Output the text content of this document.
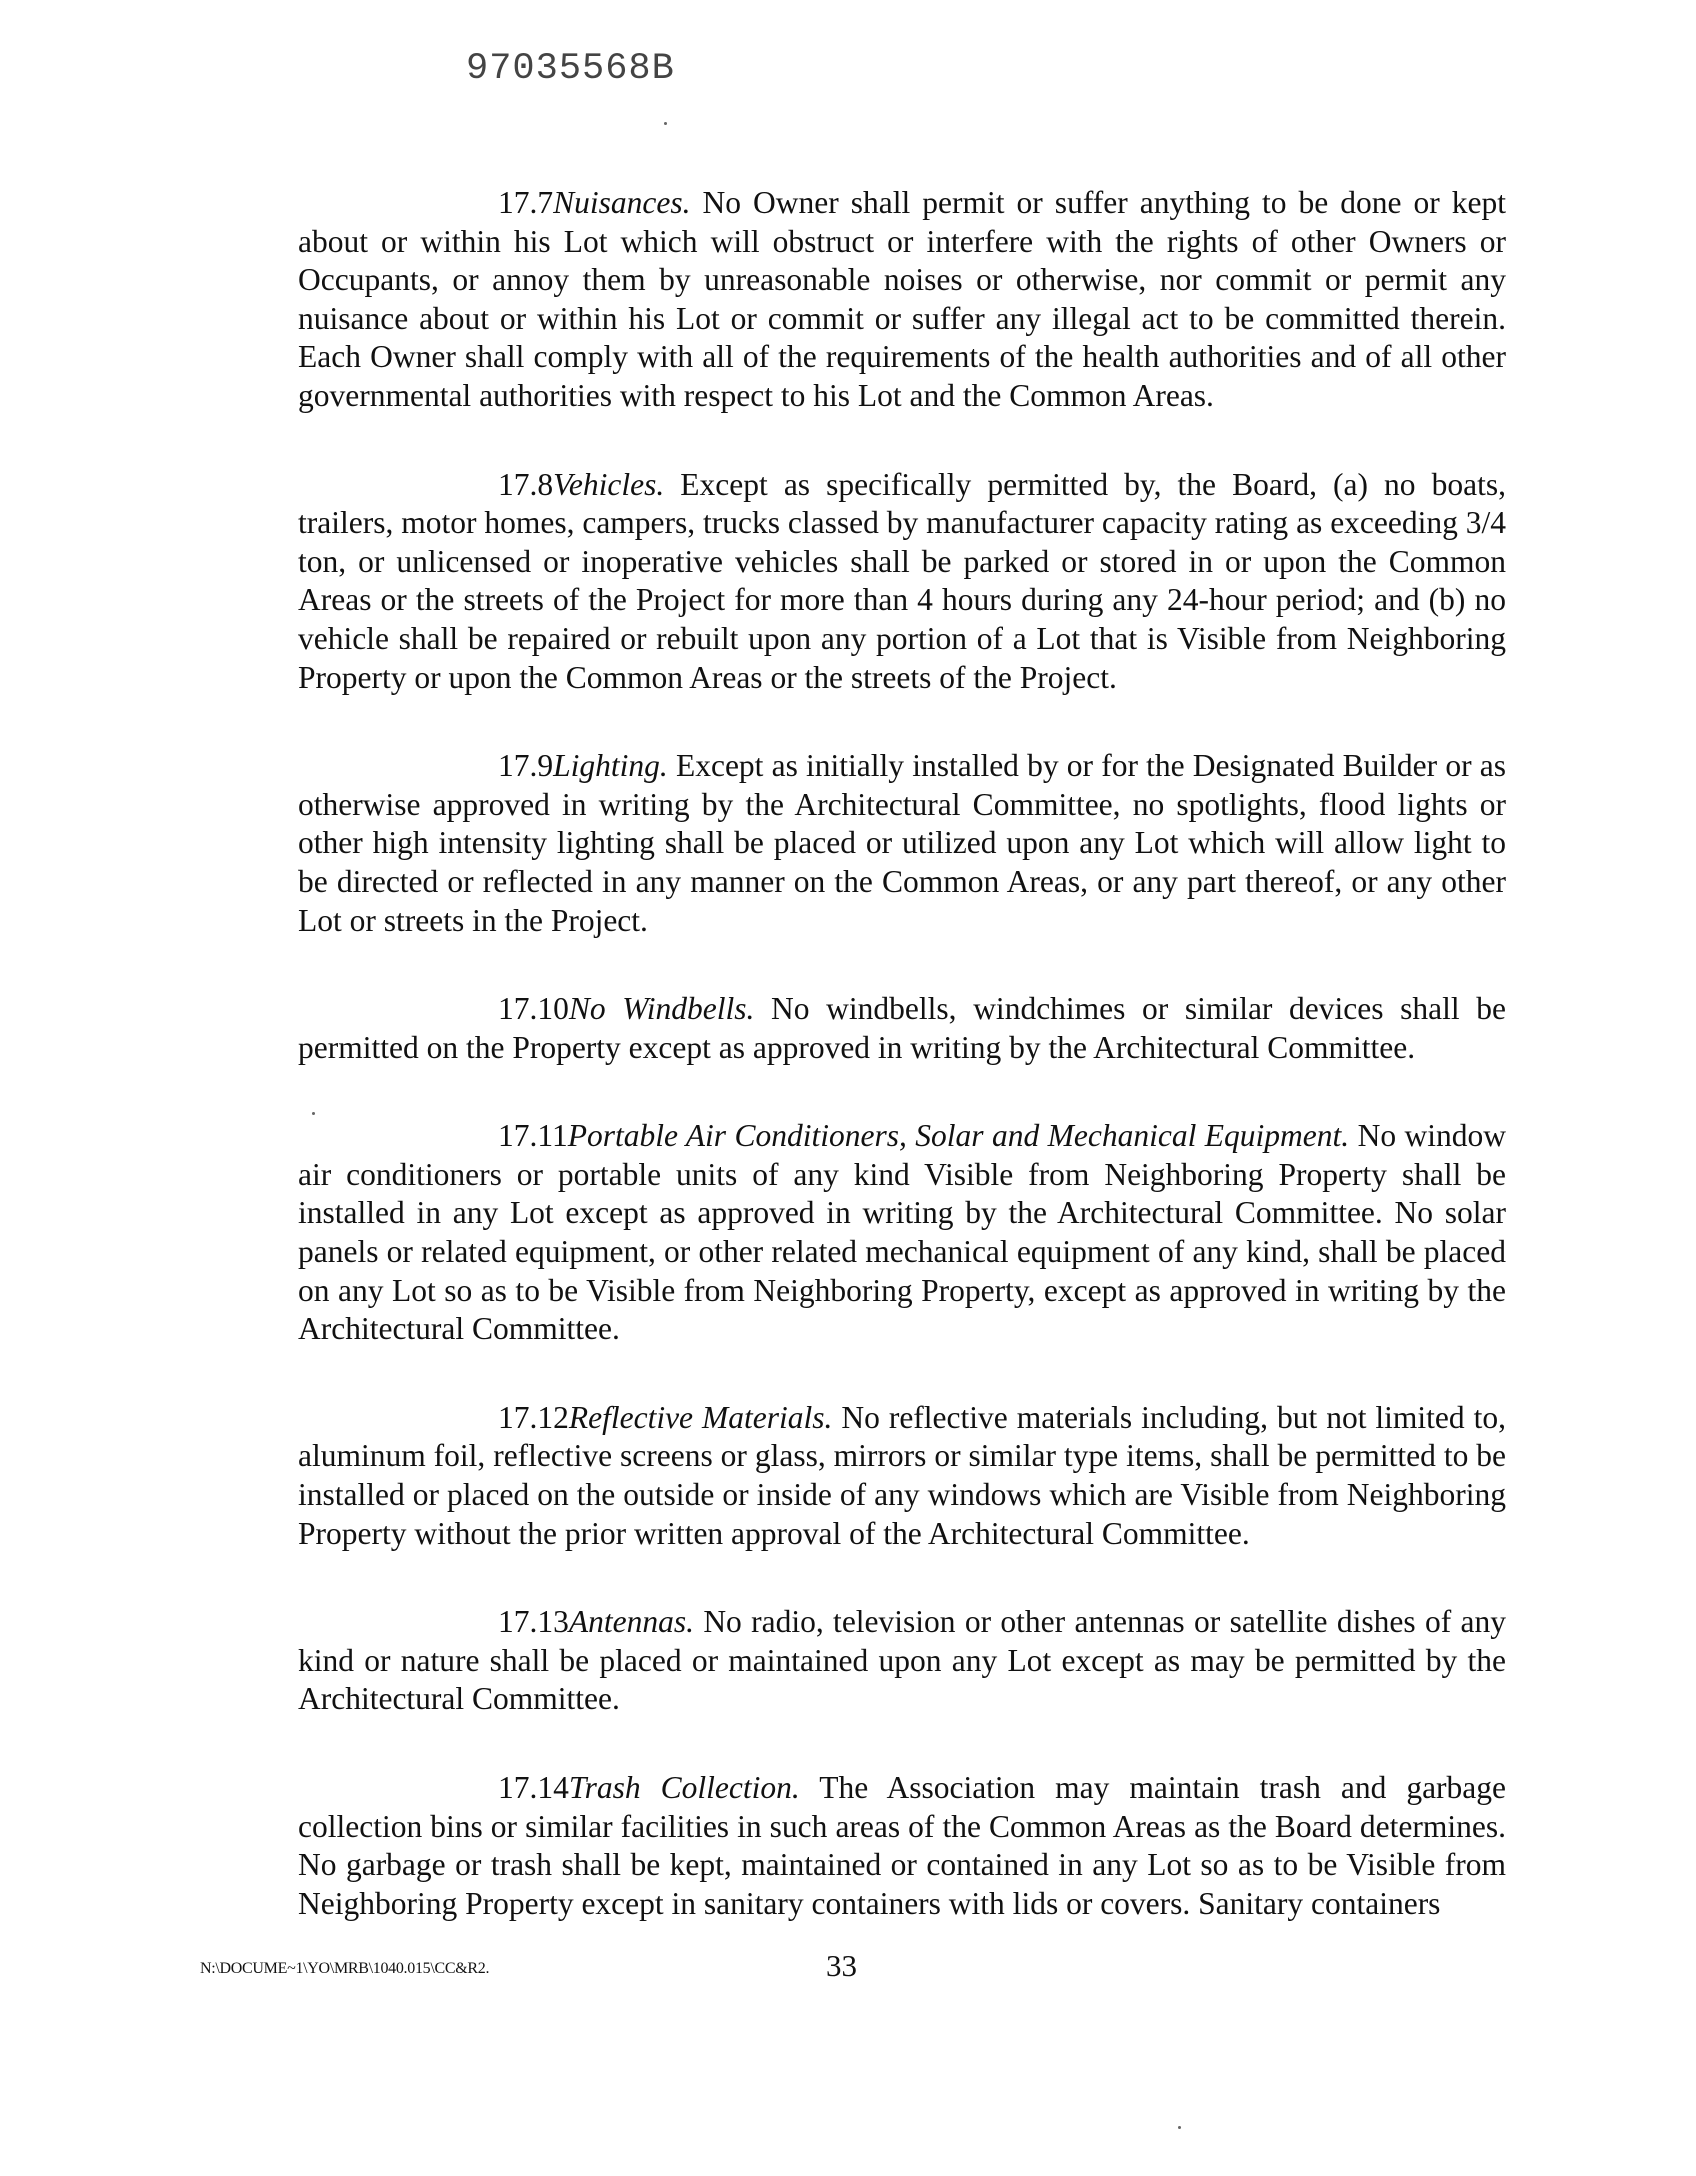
97035568B

17.7Nuisances. No Owner shall permit or suffer anything to be done or kept about or within his Lot which will obstruct or interfere with the rights of other Owners or Occupants, or annoy them by unreasonable noises or otherwise, nor commit or permit any nuisance about or within his Lot or commit or suffer any illegal act to be committed therein. Each Owner shall comply with all of the requirements of the health authorities and of all other governmental authorities with respect to his Lot and the Common Areas.

17.8Vehicles. Except as specifically permitted by, the Board, (a) no boats, trailers, motor homes, campers, trucks classed by manufacturer capacity rating as exceeding 3/4 ton, or unlicensed or inoperative vehicles shall be parked or stored in or upon the Common Areas or the streets of the Project for more than 4 hours during any 24-hour period; and (b) no vehicle shall be repaired or rebuilt upon any portion of a Lot that is Visible from Neighboring Property or upon the Common Areas or the streets of the Project.

17.9Lighting. Except as initially installed by or for the Designated Builder or as otherwise approved in writing by the Architectural Committee, no spotlights, flood lights or other high intensity lighting shall be placed or utilized upon any Lot which will allow light to be directed or reflected in any manner on the Common Areas, or any part thereof, or any other Lot or streets in the Project.

17.10No Windbells. No windbells, windchimes or similar devices shall be permitted on the Property except as approved in writing by the Architectural Committee.

17.11Portable Air Conditioners, Solar and Mechanical Equipment. No window air conditioners or portable units of any kind Visible from Neighboring Property shall be installed in any Lot except as approved in writing by the Architectural Committee. No solar panels or related equipment, or other related mechanical equipment of any kind, shall be placed on any Lot so as to be Visible from Neighboring Property, except as approved in writing by the Architectural Committee.

17.12Reflective Materials. No reflective materials including, but not limited to, aluminum foil, reflective screens or glass, mirrors or similar type items, shall be permitted to be installed or placed on the outside or inside of any windows which are Visible from Neighboring Property without the prior written approval of the Architectural Committee.

17.13Antennas. No radio, television or other antennas or satellite dishes of any kind or nature shall be placed or maintained upon any Lot except as may be permitted by the Architectural Committee.

17.14Trash Collection. The Association may maintain trash and garbage collection bins or similar facilities in such areas of the Common Areas as the Board determines. No garbage or trash shall be kept, maintained or contained in any Lot so as to be Visible from Neighboring Property except in sanitary containers with lids or covers. Sanitary containers

N:\DOCUME~1\YO\MRB\1040.015\CC&R2.	33
